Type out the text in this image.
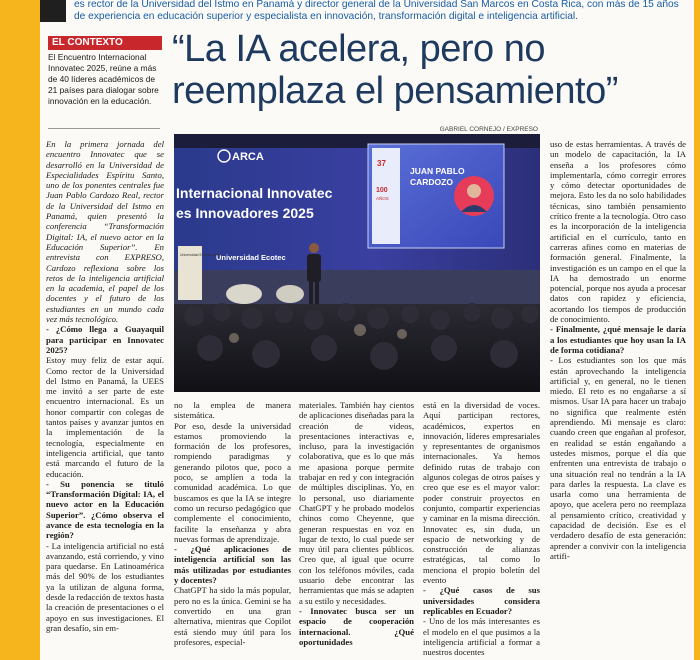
es rector de la Universidad del Istmo en Panamá y director general de la Universidad San Marcos en Costa Rica, con más de 15 años de experiencia en educación superior y especialista en innovación, transformación digital e inteligencia artificial.

EL CONTEXTO
El Encuentro Internacional Innovatec 2025, reúne a más de 40 líderes académicos de 21 países para dialogar sobre innovación en la educación.
“La IA acelera, pero no reemplaza el pensamiento”
GABRIEL CORNEJO / EXPRESO
ARCA
Internacional Innovatec
es Innovadores 2025
Universidad Ecotec
JUAN PABLO
CARDOZO
37
100
AÑOS
Universidad Espíritu Santo

En la primera jornada del encuentro Innovatec que se desarrolló en la Universidad de Especialidades Espíritu Santo, uno de los ponentes centrales fue Juan Pablo Cardozo Real, rector de la Universidad del Istmo en Panamá, quien presentó la conferencia “Transformación Digital: IA, el nuevo actor en la Educación Superior”. En entrevista con EXPRESO, Cardozo reflexiona sobre los retos de la inteligencia artificial en la academia, el papel de los docentes y el futuro de los estudiantes en un mundo cada vez más tecnológico.

- ¿Cómo llega a Guayaquil para participar en Innovatec 2025?

Estoy muy feliz de estar aquí. Como rector de la Universidad del Istmo en Panamá, la UEES me invitó a ser parte de este encuentro internacional. Es un honor compartir con colegas de tantos países y avanzar juntos en la implementación de la tecnología, especialmente en inteligencia artificial, que tanto está marcando el futuro de la educación.

- Su ponencia se tituló “Transformación Digital: IA, el nuevo actor en la Educación Superior”. ¿Cómo observa el avance de esta tecnología en la región?

- La inteligencia artificial no está avanzando, está corriendo, y vino para quedarse. En Latinoamérica más del 90% de los estudiantes ya la utilizan de alguna forma, desde la redacción de textos hasta la creación de presentaciones o el apoyo en sus investigaciones. El gran desafío, sin em-

no la emplea de manera sistemática.

Por eso, desde la universidad estamos promoviendo la formación de los profesores, rompiendo paradigmas y generando pilotos que, poco a poco, se amplíen a toda la comunidad académica. Lo que buscamos es que la IA se integre como un recurso pedagógico que complemente el conocimiento, facilite la enseñanza y abra nuevas formas de aprendizaje.

- ¿Qué aplicaciones de inteligencia artificial son las más utilizadas por estudiantes y docentes?

ChatGPT ha sido la más popular, pero no es la única. Gemini se ha convertido en una gran alternativa, mientras que Copilot está siendo muy útil para los profesores, especial-

materiales. También hay cientos de aplicaciones diseñadas para la creación de videos, presentaciones interactivas e, incluso, para la investigación colaborativa, que es lo que más me apasiona porque permite trabajar en red y con integración de múltiples disciplinas. Yo, en lo personal, uso diariamente ChatGPT y he probado modelos chinos como Cheyenne, que generan respuestas en voz en lugar de texto, lo cual puede ser muy útil para clientes públicos. Creo que, al igual que ocurre con los teléfonos móviles, cada usuario debe encontrar las herramientas que más se adapten a su estilo y necesidades.

- Innovatec busca ser un espacio de cooperación internacional. ¿Qué oportunidades

está en la diversidad de voces. Aquí participan rectores, académicos, expertos en innovación, líderes empresariales y representantes de organismos internacionales. Ya hemos definido rutas de trabajo con algunos colegas de otros países y creo que ese es el mayor valor: poder construir proyectos en conjunto, compartir experiencias y caminar en la misma dirección. Innovatec es, sin duda, un espacio de networking y de construcción de alianzas estratégicas, tal como lo menciona el propio boletín del evento

- ¿Qué casos de sus universidades considera replicables en Ecuador?

- Uno de los más interesantes es el modelo en el que pusimos a la inteligencia artificial a formar a nuestros docentes

uso de estas herramientas. A través de un modelo de capacitación, la IA enseña a los profesores cómo implementarla, cómo corregir errores y cómo detectar oportunidades de mejora. Esto les da no solo habilidades técnicas, sino también pensamiento crítico frente a la tecnología. Otro caso es la incorporación de la inteligencia artificial en el currículo, tanto en carreras afines como en materias de formación general. Finalmente, la investigación es un campo en el que la IA ha demostrado un enorme potencial, porque nos ayuda a procesar datos con rapidez y eficiencia, acortando los tiempos de producción de conocimiento.

- Finalmente, ¿qué mensaje le daría a los estudiantes que hoy usan la IA de forma cotidiana?

- Los estudiantes son los que más están aprovechando la inteligencia artificial y, en general, no le tienen miedo. El reto es no engañarse a sí mismos. Usar IA para hacer un trabajo no significa que realmente estén aprendiendo. Mi mensaje es claro: cuando creen que engañan al profesor, en realidad se están engañando a ustedes mismos, porque el día que enfrenten una entrevista de trabajo o una situación real no tendrán a la IA para darles la respuesta. La clave es usarla como una herramienta de apoyo, que acelera pero no reemplaza al pensamiento crítico, creatividad y capacidad de decisión. Ese es el verdadero desafío de esta generación: aprender a convivir con la inteligencia artifi-
